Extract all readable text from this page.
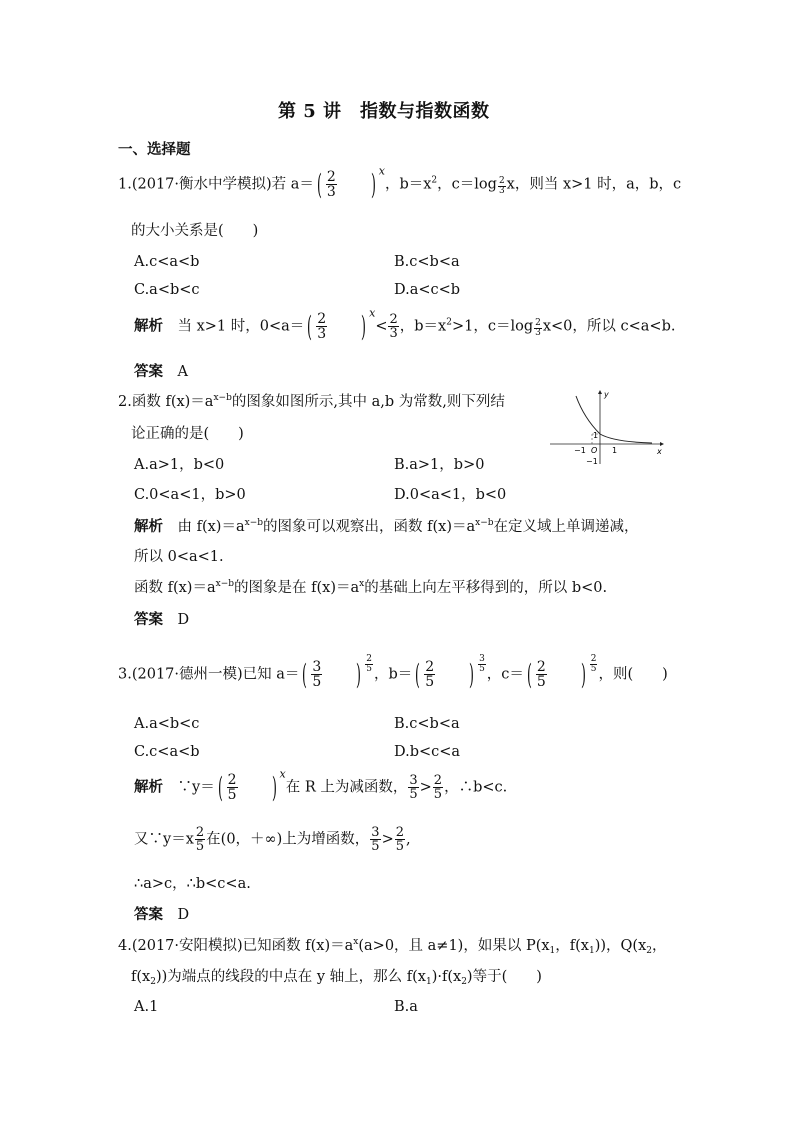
第 5 讲　指数与指数函数
一、选择题
1.(2017·衡水中学模拟)若 a＝ ( $\frac{2}{3}$ ) $^x$，$b=x^2$，$c=\log \frac{2}{3}$ x，则当 x>1 时，a，b，c
的大小关系是(　　)
A.c<a<b	B.c<b<a
C.a<b<c	D.a<c<b
解析　 当 x>1 时，0<a＝ ( $\frac{2}{3}$ ) $^x< \frac{2}{3}$ ，$b=x^2>1$，$c=\log \frac{2}{3} x<0$，所以 c<a<b.
答案　 A
2.函数 $f(x)=a^{x-b}$的图象如图所示,其中 a,b 为常数,则下列结
论正确的是(　　)
y
x
O
−1	1
1
−1
A.a>1，b<0	B.a>1，b>0
C.0<a<1，b>0	D.0<a<1，b<0
解析　 由 $f(x)=a^{x-b}$的图象可以观察出，函数 $f(x)=a^{x-b}$在定义域上单调递减，
所以 0<a<1.
函数 $f(x)=a^{x-b}$的图象是在 $f(x)=a^x$的基础上向左平移得到的，所以 b<0.
答案　 D
3.(2017·德州一模)已知 a＝ ( $\frac{3}{5}$ ) $\frac{2}{5}$
，b＝ ( $\frac{2}{5}$ ) $\frac{3}{5}$
，c＝ ( $\frac{2}{5}$ ) $\frac{2}{5}$
，则(　　)
A.a<b<c	B.c<b<a
C.c<a<b	D.b<c<a
解析　 ∵y＝ ( $\frac{2}{5}$ ) $^x$在 R 上为减函数， $\frac{3}{5} > \frac{2}{5}$ ，∴b<c.
又∵y＝x $\frac{2}{5}$ 在(0，＋∞)上为增函数， $\frac{3}{5} > \frac{2}{5}$ ,
∴a>c，∴b<c<a.
答案　 D
4.(2017·安阳模拟)已知函数 $f(x)=a^x(a>0$，且 a≠1)，如果以 $P(x_1$，$f(x_1)$)，$Q(x_2$，
$f(x_2)$)为端点的线段的中点在 y 轴上，那么 $f(x_1)\cdot f(x_2)$等于(　　)
A.1	B.a
